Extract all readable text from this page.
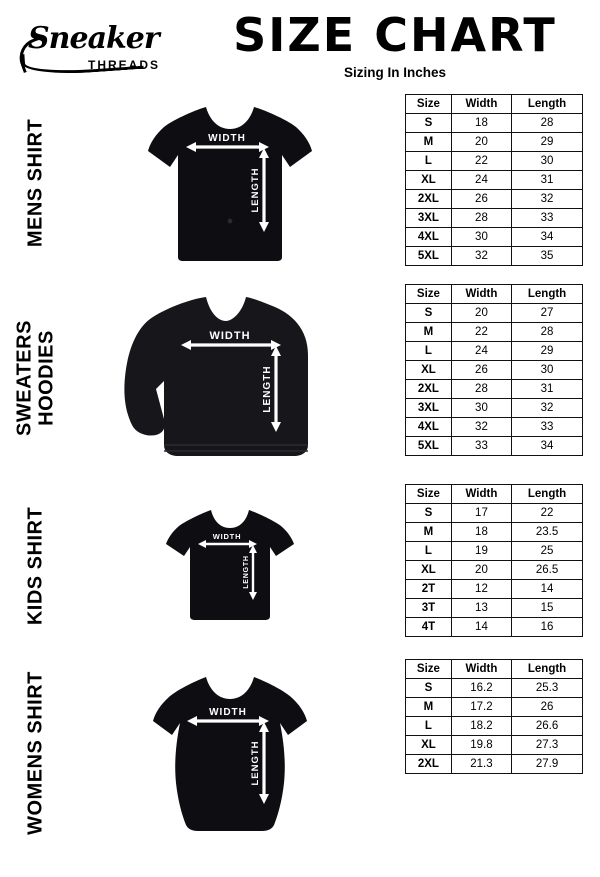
Sneaker
THREADS
SIZE CHART
Sizing In Inches
MENS SHIRT	WIDTH
LENGTH
Size	Width	Length
S	18	28
M	20	29
L	22	30
XL	24	31
2XL	26	32
3XL	28	33
4XL	30	34
5XL	32	35
SWEATERS HOODIES	WIDTH
LENGTH
Size	Width	Length
S	20	27
M	22	28
L	24	29
XL	26	30
2XL	28	31
3XL	30	32
4XL	32	33
5XL	33	34
KIDS SHIRT	WIDTH
LENGTH
Size	Width	Length
S	17	22
M	18	23.5
L	19	25
XL	20	26.5
2T	12	14
3T	13	15
4T	14	16
WOMENS SHIRT	WIDTH
LENGTH
Size	Width	Length
S	16.2	25.3
M	17.2	26
L	18.2	26.6
XL	19.8	27.3
2XL	21.3	27.9
